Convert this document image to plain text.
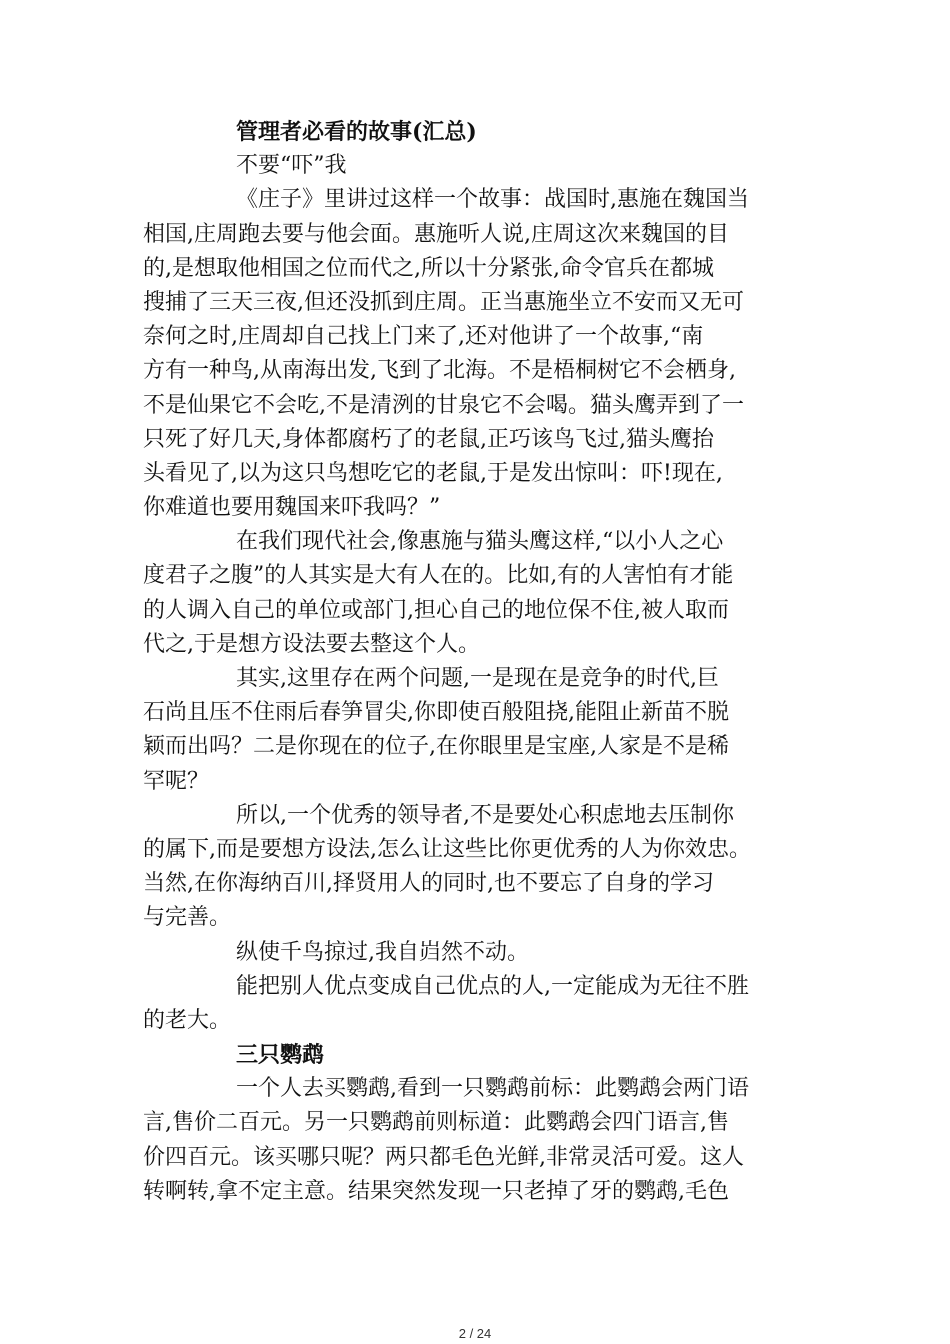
管理者必看的故事(汇总)
不要“吓”我
《庄子》里讲过这样一个故事：战国时,惠施在魏国当
相国,庄周跑去要与他会面。惠施听人说,庄周这次来魏国的目
的,是想取他相国之位而代之,所以十分紧张,命令官兵在都城
搜捕了三天三夜,但还没抓到庄周。正当惠施坐立不安而又无可
奈何之时,庄周却自己找上门来了,还对他讲了一个故事,“南
方有一种鸟,从南海出发,飞到了北海。不是梧桐树它不会栖身,
不是仙果它不会吃,不是清洌的甘泉它不会喝。猫头鹰弄到了一
只死了好几天,身体都腐朽了的老鼠,正巧该鸟飞过,猫头鹰抬
头看见了,以为这只鸟想吃它的老鼠,于是发出惊叫：吓!现在,
你难道也要用魏国来吓我吗？”
在我们现代社会,像惠施与猫头鹰这样,“以小人之心
度君子之腹”的人其实是大有人在的。比如,有的人害怕有才能
的人调入自己的单位或部门,担心自己的地位保不住,被人取而
代之,于是想方设法要去整这个人。
其实,这里存在两个问题,一是现在是竞争的时代,巨
石尚且压不住雨后春笋冒尖,你即使百般阻挠,能阻止新苗不脱
颖而出吗？二是你现在的位子,在你眼里是宝座,人家是不是稀
罕呢？
所以,一个优秀的领导者,不是要处心积虑地去压制你
的属下,而是要想方设法,怎么让这些比你更优秀的人为你效忠。
当然,在你海纳百川,择贤用人的同时,也不要忘了自身的学习
与完善。
纵使千鸟掠过,我自岿然不动。
能把别人优点变成自己优点的人,一定能成为无往不胜
的老大。
三只鹦鹉
一个人去买鹦鹉,看到一只鹦鹉前标：此鹦鹉会两门语
言,售价二百元。另一只鹦鹉前则标道：此鹦鹉会四门语言,售
价四百元。该买哪只呢？两只都毛色光鲜,非常灵活可爱。这人
转啊转,拿不定主意。结果突然发现一只老掉了牙的鹦鹉,毛色
2 / 24
